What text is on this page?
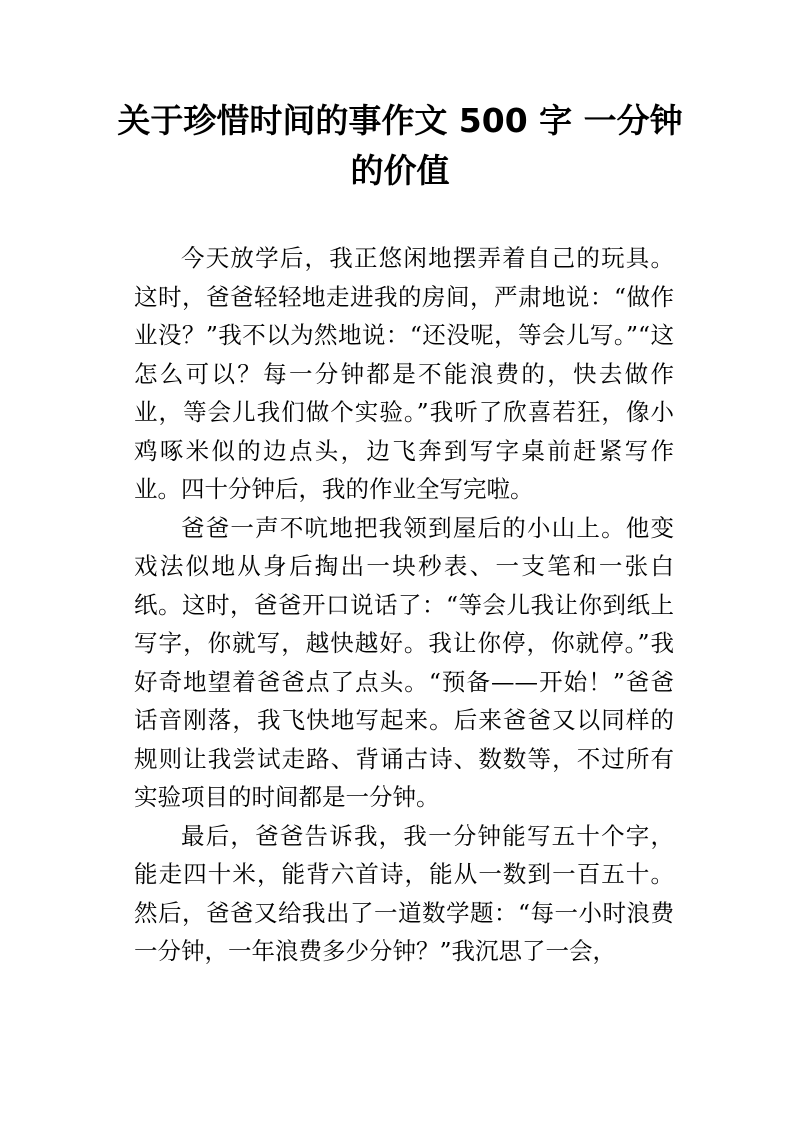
关于珍惜时间的事作文 500 字 一分钟
的价值

今天放学后，我正悠闲地摆弄着自己的玩具。这时，爸爸轻轻地走进我的房间，严肃地说：“做作业没？”我不以为然地说：“还没呢，等会儿写。”“这怎么可以？每一分钟都是不能浪费的，快去做作业，等会儿我们做个实验。”我听了欣喜若狂，像小鸡啄米似的边点头，边飞奔到写字桌前赶紧写作业。四十分钟后，我的作业全写完啦。

爸爸一声不吭地把我领到屋后的小山上。他变戏法似地从身后掏出一块秒表、一支笔和一张白纸。这时，爸爸开口说话了：“等会儿我让你到纸上写字，你就写，越快越好。我让你停，你就停。”我好奇地望着爸爸点了点头。“预备——开始！”爸爸话音刚落，我飞快地写起来。后来爸爸又以同样的规则让我尝试走路、背诵古诗、数数等，不过所有实验项目的时间都是一分钟。

最后，爸爸告诉我，我一分钟能写五十个字，能走四十米，能背六首诗，能从一数到一百五十。然后，爸爸又给我出了一道数学题：“每一小时浪费一分钟，一年浪费多少分钟？”我沉思了一会，
